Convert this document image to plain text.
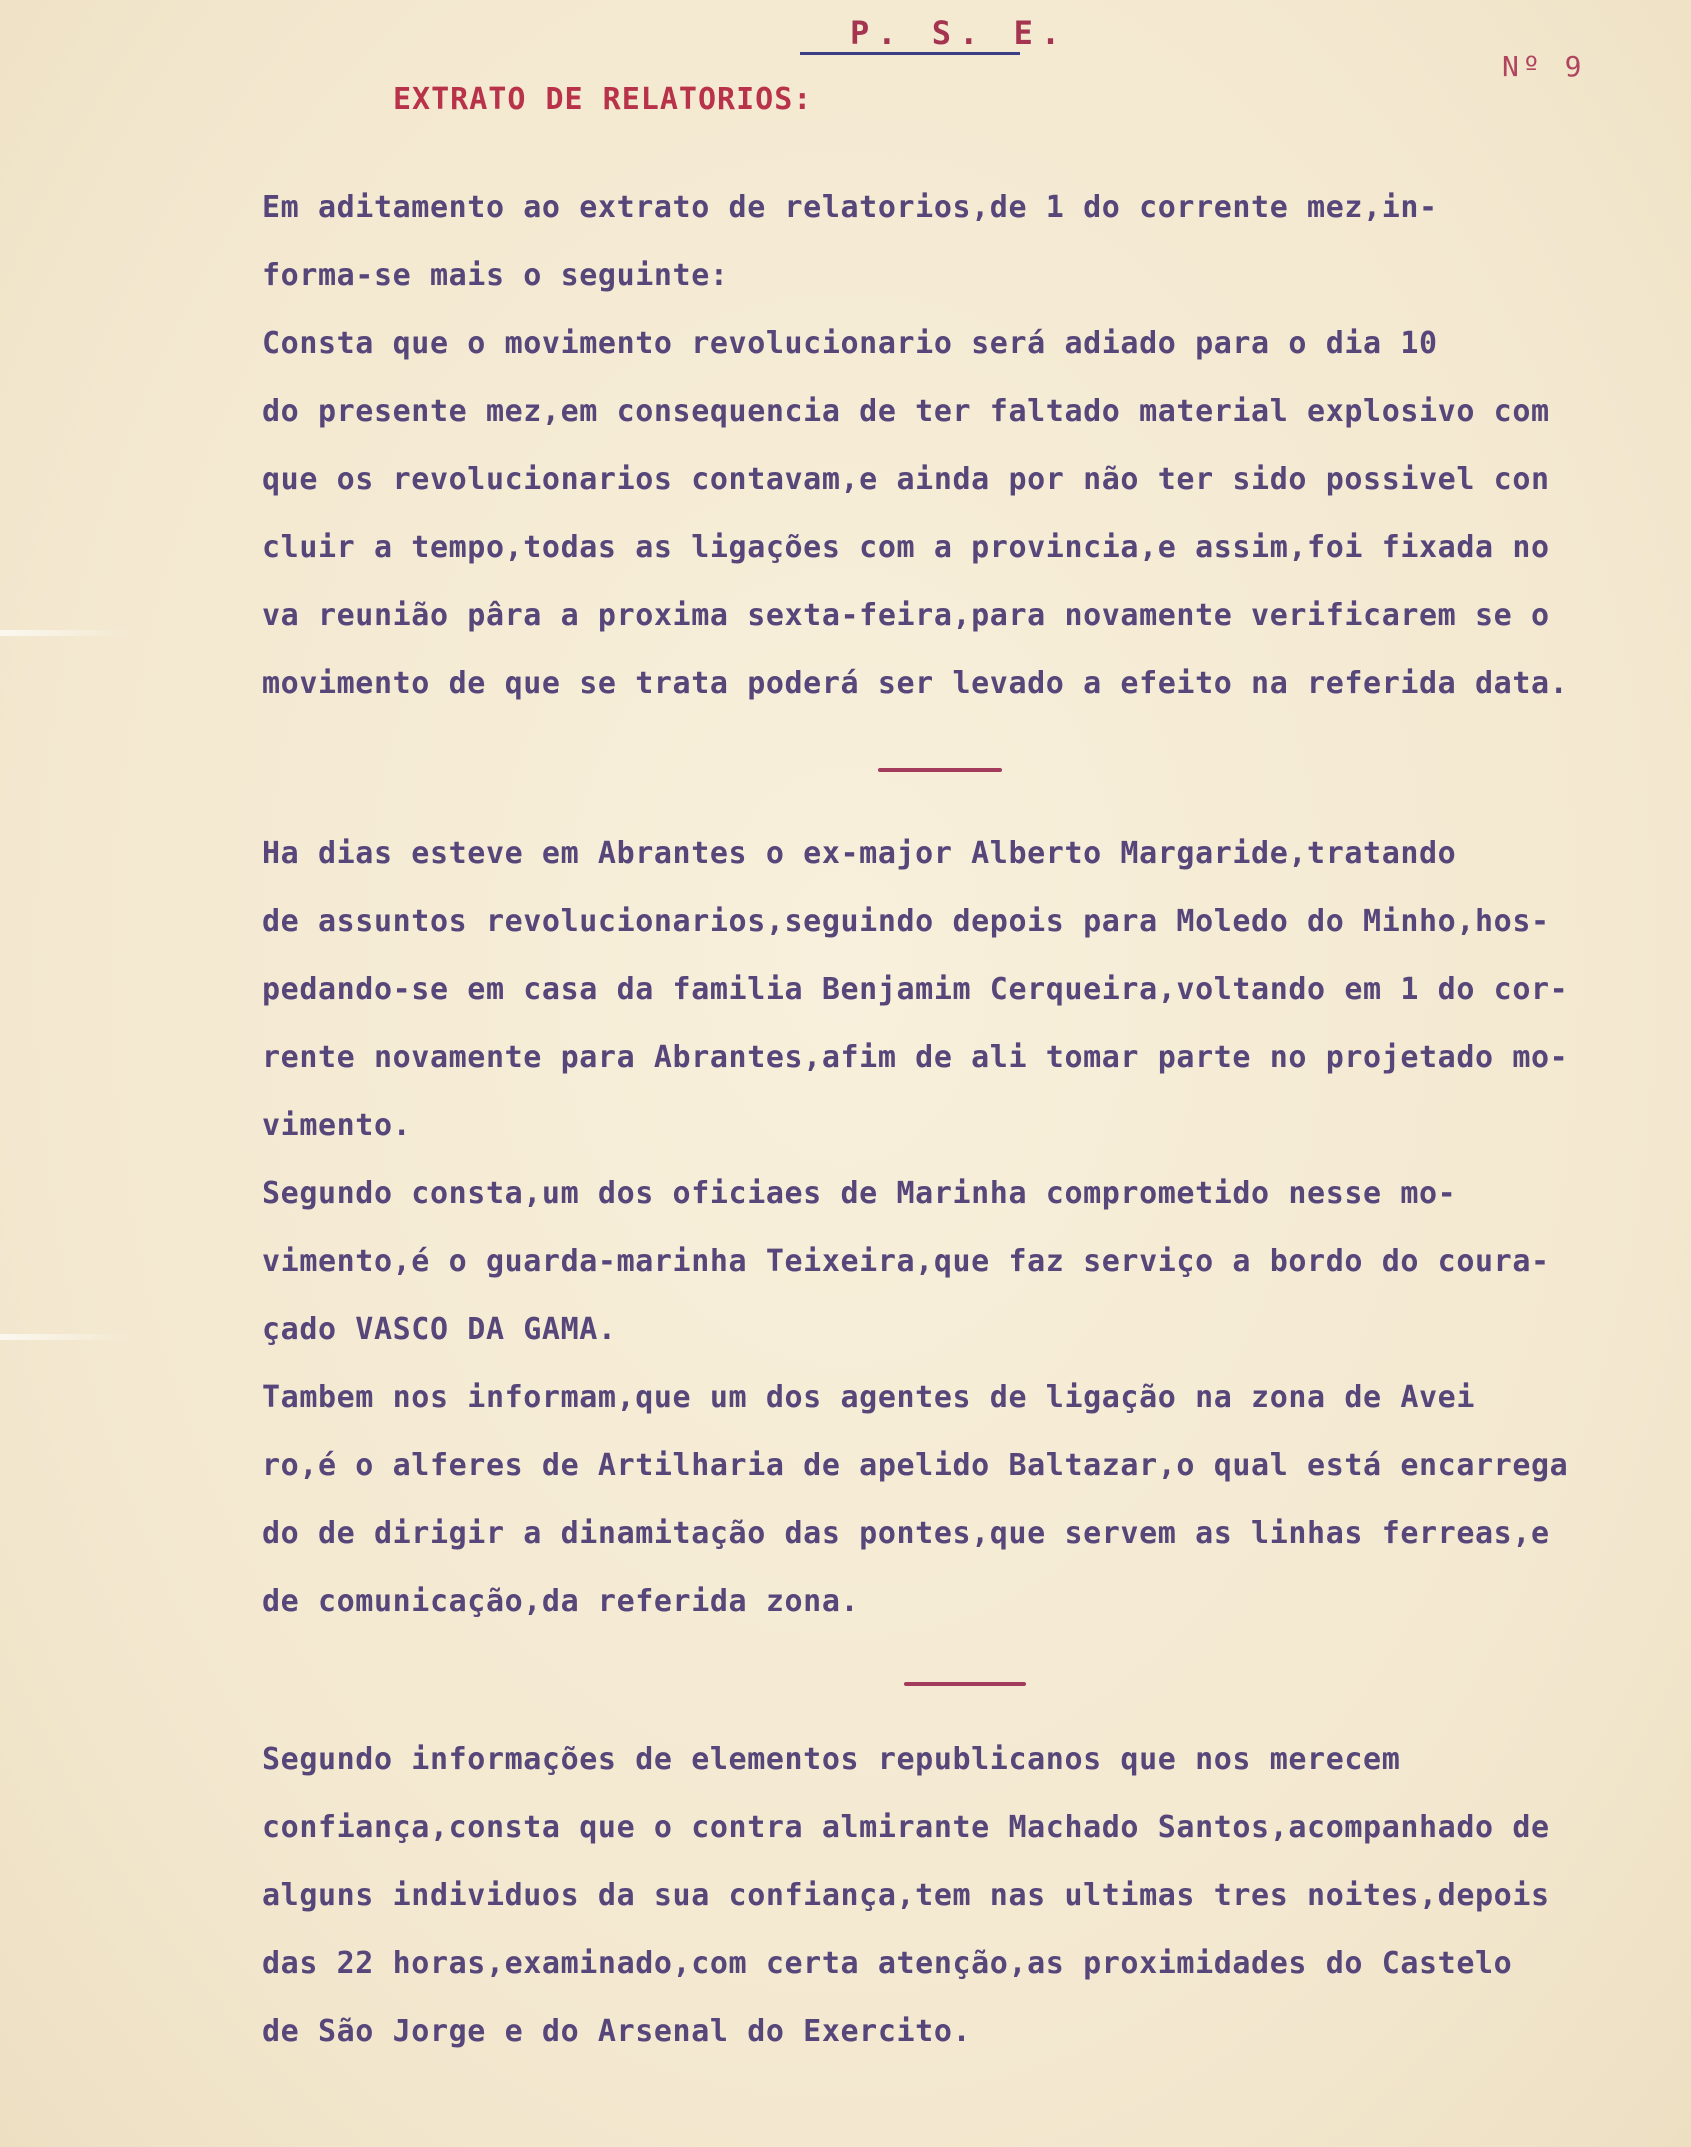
P. S. E.
Nº 9
EXTRATO DE RELATORIOS:
Em aditamento ao extrato de relatorios,de 1 do corrente mez,in-
forma-se mais o seguinte:
Consta que o movimento revolucionario será adiado para o dia 10
do presente mez,em consequencia de ter faltado material explosivo com
que os revolucionarios contavam,e ainda por não ter sido possivel con
cluir a tempo,todas as ligações com a provincia,e assim,foi fixada no
va reunião pâra a proxima sexta-feira,para novamente verificarem se o
movimento de que se trata poderá ser levado a efeito na referida data.
Ha dias esteve em Abrantes o ex-major Alberto Margaride,tratando
de assuntos revolucionarios,seguindo depois para Moledo do Minho,hos-
pedando-se em casa da familia Benjamim Cerqueira,voltando em 1 do cor-
rente novamente para Abrantes,afim de ali tomar parte no projetado mo-
vimento.
Segundo consta,um dos oficiaes de Marinha comprometido nesse mo-
vimento,é o guarda-marinha Teixeira,que faz serviço a bordo do coura-
çado VASCO DA GAMA.
Tambem nos informam,que um dos agentes de ligação na zona de Avei
ro,é o alferes de Artilharia de apelido Baltazar,o qual está encarrega
do de dirigir a dinamitação das pontes,que servem as linhas ferreas,e
de comunicação,da referida zona.
Segundo informações de elementos republicanos que nos merecem
confiança,consta que o contra almirante Machado Santos,acompanhado de
alguns individuos da sua confiança,tem nas ultimas tres noites,depois
das 22 horas,examinado,com certa atenção,as proximidades do Castelo
de São Jorge e do Arsenal do Exercito.
